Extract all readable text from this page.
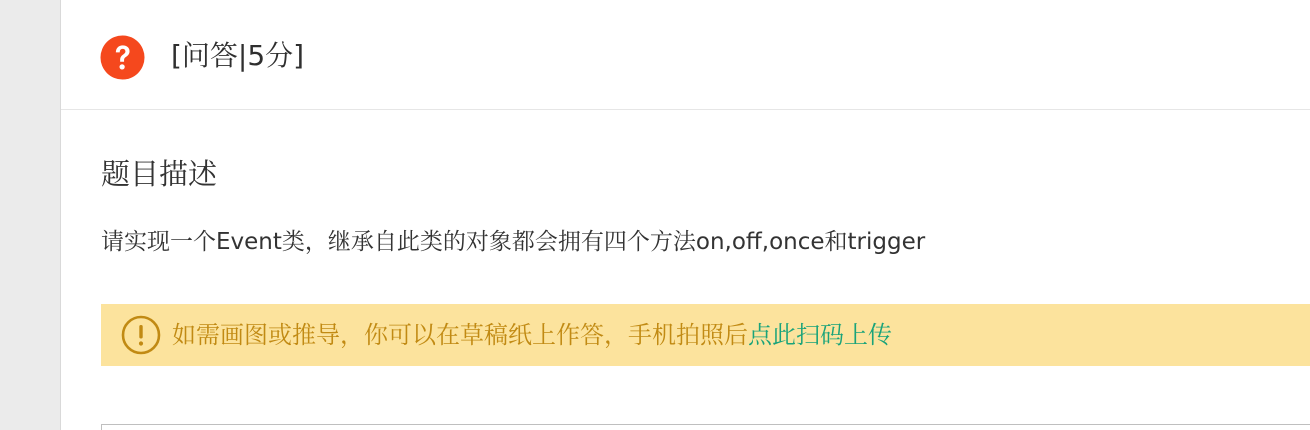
[问答|5分]
题目描述
请实现一个Event类，继承自此类的对象都会拥有四个方法on,off,once和trigger
如需画图或推导，你可以在草稿纸上作答，手机拍照后点此扫码上传
